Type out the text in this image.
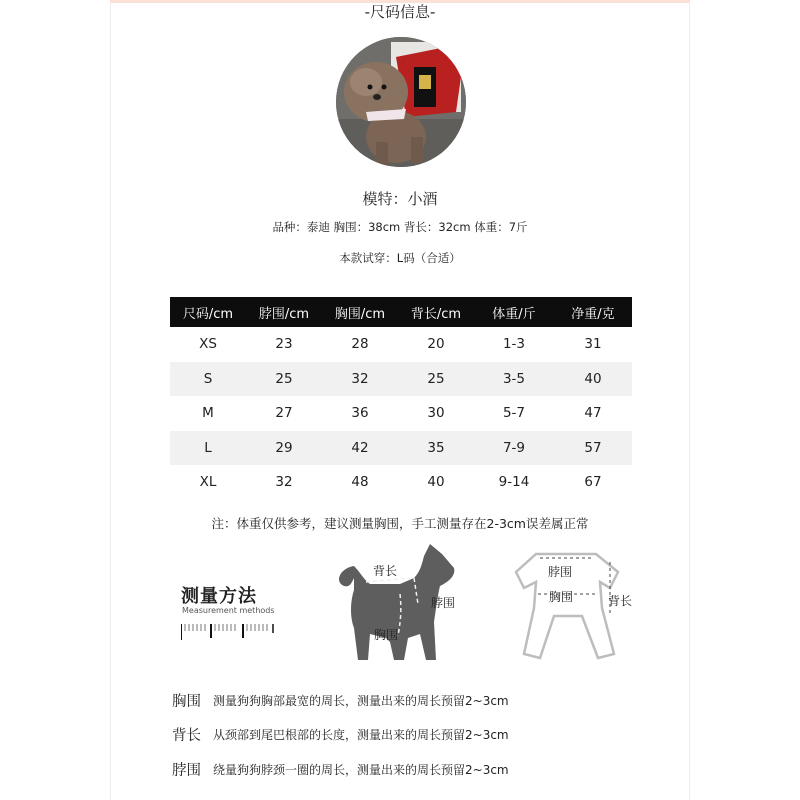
-尺码信息-
模特：小酒
品种：泰迪 胸围：38cm 背长：32cm 体重：7斤
本款试穿：L码（合适）
尺码/cm	脖围/cm	胸围/cm	背长/cm	体重/斤	净重/克
XS	23	28	20	1-3	31
S	25	32	25	3-5	40
M	27	36	30	5-7	47
L	29	42	35	7-9	57
XL	32	48	40	9-14	67
注：体重仅供参考，建议测量胸围，手工测量存在2-3cm误差属正常
测量方法
Measurement methods
背长
脖围
胸围
脖围
胸围	背长
胸围	测量狗狗胸部最宽的周长，测量出来的周长预留2~3cm
背长	从颈部到尾巴根部的长度，测量出来的周长预留2~3cm
脖围	绕量狗狗脖颈一圈的周长，测量出来的周长预留2~3cm
